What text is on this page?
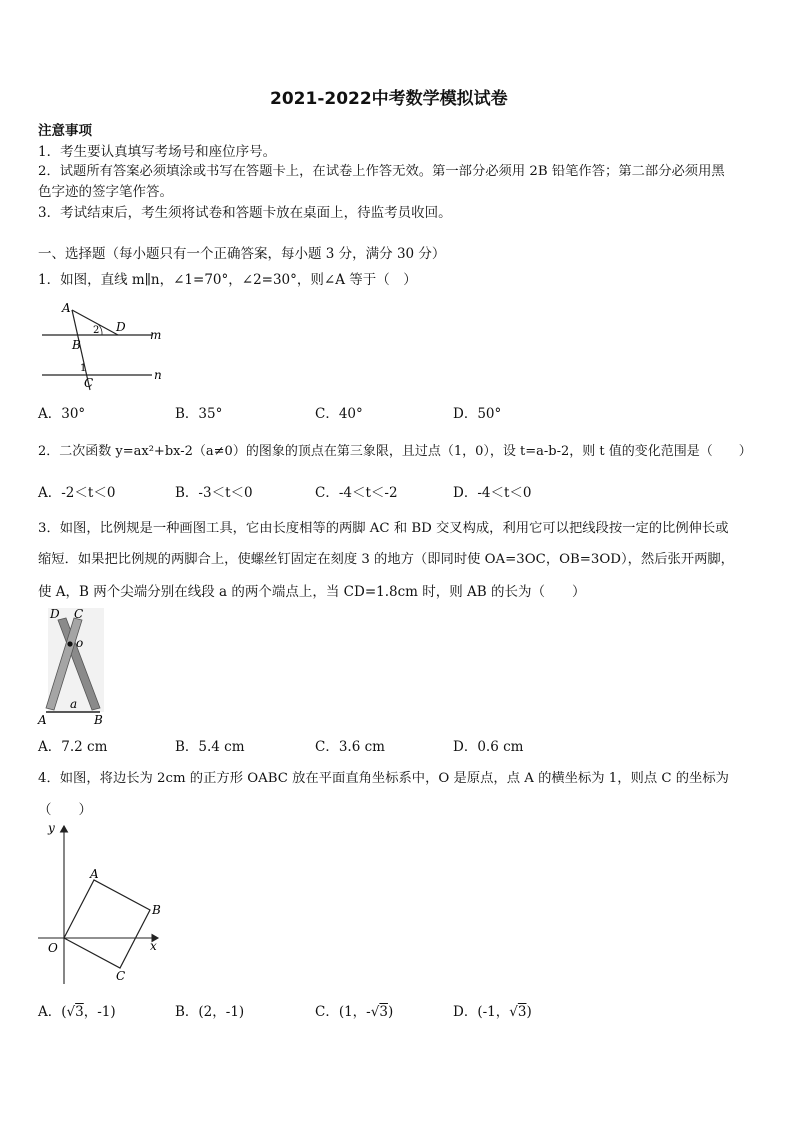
2021-2022中考数学模拟试卷
注意事项
1．考生要认真填写考场号和座位序号。
2．试题所有答案必须填涂或书写在答题卡上，在试卷上作答无效。第一部分必须用 2B 铅笔作答；第二部分必须用黑
色字迹的签字笔作答。
3．考试结束后，考生须将试卷和答题卡放在桌面上，待监考员收回。
一、选择题（每小题只有一个正确答案，每小题 3 分，满分 30 分）
1．如图，直线 m∥n，∠1=70°，∠2=30°，则∠A 等于（　）
A
B
C
D
m
n
1
2
A．30°	B．35°	C．40°	D．50°
2．二次函数 y=ax²+bx-2（a≠0）的图象的顶点在第三象限，且过点（1，0），设 t=a-b-2，则 t 值的变化范围是（　　）
A．-2＜t＜0	B．-3＜t＜0	C．-4＜t＜-2	D．-4＜t＜0
3．如图，比例规是一种画图工具，它由长度相等的两脚 AC 和 BD 交叉构成，利用它可以把线段按一定的比例伸长或
缩短．如果把比例规的两脚合上，使螺丝钉固定在刻度 3 的地方（即同时使 OA=3OC，OB=3OD），然后张开两脚，
使 A，B 两个尖端分别在线段 a 的两个端点上，当 CD=1.8cm 时，则 AB 的长为（　　）
D C
o
A	B
a
A．7.2 cm	B．5.4 cm	C．3.6 cm	D．0.6 cm
4．如图，将边长为 2cm 的正方形 OABC 放在平面直角坐标系中，O 是原点，点 A 的横坐标为 1，则点 C 的坐标为
（　　）
y
x
O
A
B
C
A．(√3，-1)	B．(2，-1)	C．(1，-√3)	D．(-1，√3)
